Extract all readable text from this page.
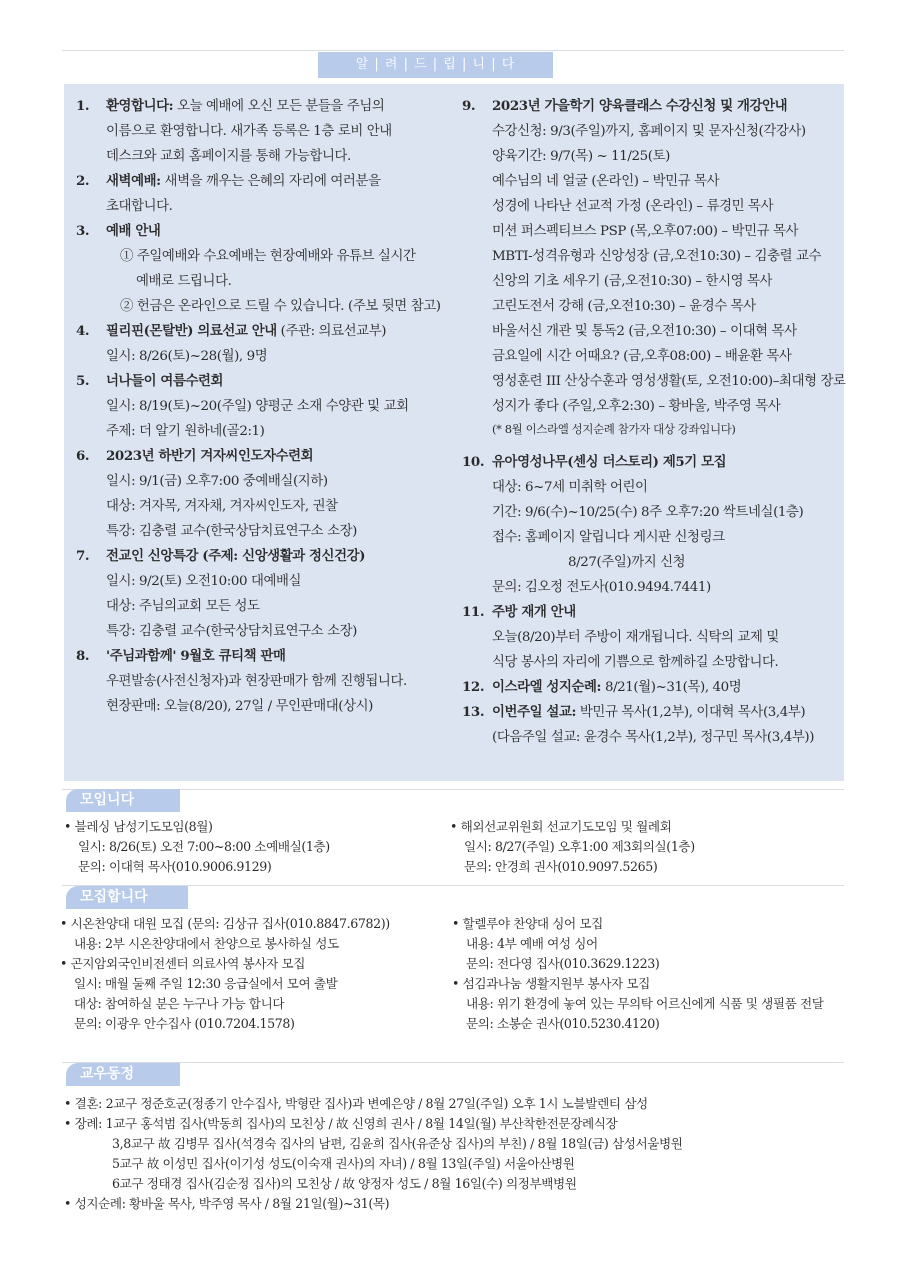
알 | 려 | 드 | 립 | 니 | 다
1. 환영합니다: 오늘 예배에 오신 모든 분들을 주님의
이름으로 환영합니다. 새가족 등록은 1층 로비 안내
데스크와 교회 홈페이지를 통해 가능합니다.
2. 새벽예배: 새벽을 깨우는 은혜의 자리에 여러분을
초대합니다.
3. 예배 안내
① 주일예배와 수요예배는 현장예배와 유튜브 실시간
예배로 드립니다.
② 헌금은 온라인으로 드릴 수 있습니다. (주보 뒷면 참고)
4. 필리핀(몬탈반) 의료선교 안내 (주관: 의료선교부)
일시: 8/26(토)~28(월), 9명
5. 너나들이 여름수련회
일시: 8/19(토)~20(주일) 양평군 소재 수양관 및 교회
주제: 더 알기 원하네(골2:1)
6. 2023년 하반기 겨자씨인도자수련회
일시: 9/1(금) 오후7:00 중예배실(지하)
대상: 겨자목, 겨자채, 겨자씨인도자, 권찰
특강: 김충렬 교수(한국상담치료연구소 소장)
7. 전교인 신앙특강 (주제: 신앙생활과 정신건강)
일시: 9/2(토) 오전10:00 대예배실
대상: 주님의교회 모든 성도
특강: 김충렬 교수(한국상담치료연구소 소장)
8. '주님과함께' 9월호 큐티책 판매
우편발송(사전신청자)과 현장판매가 함께 진행됩니다.
현장판매: 오늘(8/20), 27일 / 무인판매대(상시)
9. 2023년 가을학기 양육클래스 수강신청 및 개강안내
수강신청: 9/3(주일)까지, 홈페이지 및 문자신청(각강사)
양육기간: 9/7(목) ~ 11/25(토)
예수님의 네 얼굴 (온라인) – 박민규 목사
성경에 나타난 선교적 가정 (온라인) – 류경민 목사
미션 퍼스펙티브스 PSP (목,오후07:00) – 박민규 목사
MBTI-성격유형과 신앙성장 (금,오전10:30) – 김충렬 교수
신앙의 기초 세우기 (금,오전10:30) – 한시영 목사
고린도전서 강해 (금,오전10:30) – 윤경수 목사
바울서신 개관 및 통독2 (금,오전10:30) – 이대혁 목사
금요일에 시간 어때요? (금,오후08:00) – 배윤환 목사
영성훈련 III 산상수훈과 영성생활(토, 오전10:00)–최대형 장로
성지가 좋다 (주일,오후2:30) – 황바울, 박주영 목사
(* 8월 이스라엘 성지순례 참가자 대상 강좌입니다)
10. 유아영성나무(센싱 더스토리) 제5기 모집
대상: 6~7세 미취학 어린이
기간: 9/6(수)~10/25(수) 8주 오후7:20 싹트네실(1층)
접수: 홈페이지 알립니다 게시판 신청링크
8/27(주일)까지 신청
문의: 김오정 전도사(010.9494.7441)
11. 주방 재개 안내
오늘(8/20)부터 주방이 재개됩니다. 식탁의 교제 및
식당 봉사의 자리에 기쁨으로 함께하길 소망합니다.
12. 이스라엘 성지순례: 8/21(월)~31(목), 40명
13. 이번주일 설교: 박민규 목사(1,2부), 이대혁 목사(3,4부)
(다음주일 설교: 윤경수 목사(1,2부), 정구민 목사(3,4부))
모입니다
• 블레싱 남성기도모임(8월)
일시: 8/26(토) 오전 7:00~8:00 소예배실(1층)
문의: 이대혁 목사(010.9006.9129)
• 해외선교위원회 선교기도모임 및 월례회
일시: 8/27(주일) 오후1:00 제3회의실(1층)
문의: 안경희 권사(010.9097.5265)
모집합니다
• 시온찬양대 대원 모집 (문의: 김상규 집사(010.8847.6782))
내용: 2부 시온찬양대에서 찬양으로 봉사하실 성도
• 곤지암외국인비전센터 의료사역 봉사자 모집
일시: 매월 둘째 주일 12:30 응급실에서 모여 출발
대상: 참여하실 분은 누구나 가능 합니다
문의: 이광우 안수집사 (010.7204.1578)
• 할렐루야 찬양대 싱어 모집
내용: 4부 예배 여성 싱어
문의: 전다영 집사(010.3629.1223)
• 섬김과나눔 생활지원부 봉사자 모집
내용: 위기 환경에 놓여 있는 무의탁 어르신에게 식품 및 생필품 전달
문의: 소봉순 권사(010.5230.4120)
교우동정
• 결혼: 2교구 정준호군(정종기 안수집사, 박형란 집사)과 변예은양 / 8월 27일(주일) 오후 1시 노블발렌티 삼성
• 장례: 1교구 홍석범 집사(박동희 집사)의 모친상 / 故 신영희 권사 / 8월 14일(월) 부산착한전문장례식장
3,8교구 故 김병무 집사(석경숙 집사의 남편, 김윤희 집사(유준상 집사)의 부친) / 8월 18일(금) 삼성서울병원
5교구 故 이성민 집사(이기성 성도(이숙재 권사)의 자녀) / 8월 13일(주일) 서울아산병원
6교구 정태경 집사(김순정 집사)의 모친상 / 故 양정자 성도 / 8월 16일(수) 의정부백병원
• 성지순례: 황바울 목사, 박주영 목사 / 8월 21일(월)~31(목)
